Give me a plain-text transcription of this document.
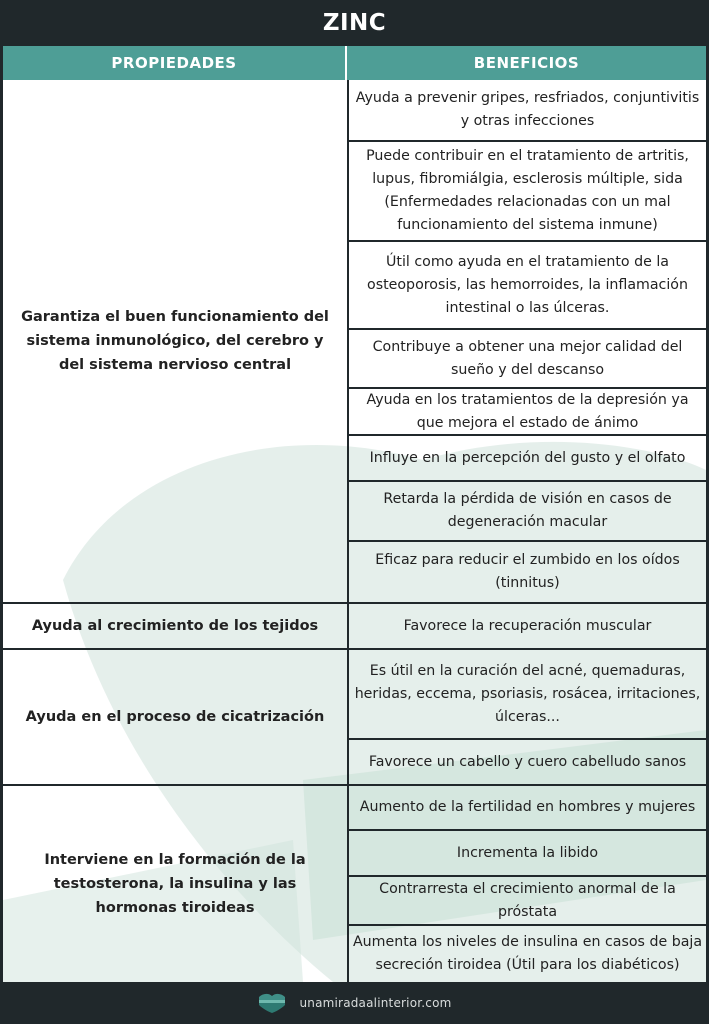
ZINC
PROPIEDADES	BENEFICIOS
Garantiza el buen funcionamiento del sistema inmunológico, del cerebro y del sistema nervioso central
Ayuda al crecimiento de los tejidos
Ayuda en el proceso de cicatrización
Interviene en la formación de la testosterona, la insulina y las hormonas tiroideas
Ayuda a prevenir gripes, resfriados, conjuntivitis y otras infecciones
Puede contribuir en el tratamiento de artritis, lupus, fibromiálgia, esclerosis múltiple, sida (Enfermedades relacionadas con un mal funcionamiento del sistema inmune)
Útil como ayuda en el tratamiento de la osteoporosis, las hemorroides, la inflamación intestinal o las úlceras.
Contribuye a obtener una mejor calidad del sueño y del descanso
Ayuda en los tratamientos de la depresión ya que mejora el estado de ánimo
Influye en la percepción del gusto y el olfato
Retarda la pérdida de visión en casos de degeneración macular
Eficaz para reducir el zumbido en los oídos (tinnitus)
Favorece la recuperación muscular
Es útil en la curación del acné, quemaduras, heridas, eccema, psoriasis, rosácea, irritaciones, úlceras...
Favorece un cabello y cuero cabelludo sanos
Aumento de la fertilidad en hombres y mujeres
Incrementa la libido
Contrarresta el crecimiento anormal de la próstata
Aumenta los niveles de insulina en casos de baja secreción tiroidea (Útil para los diabéticos)
unamiradaalinterior.com
